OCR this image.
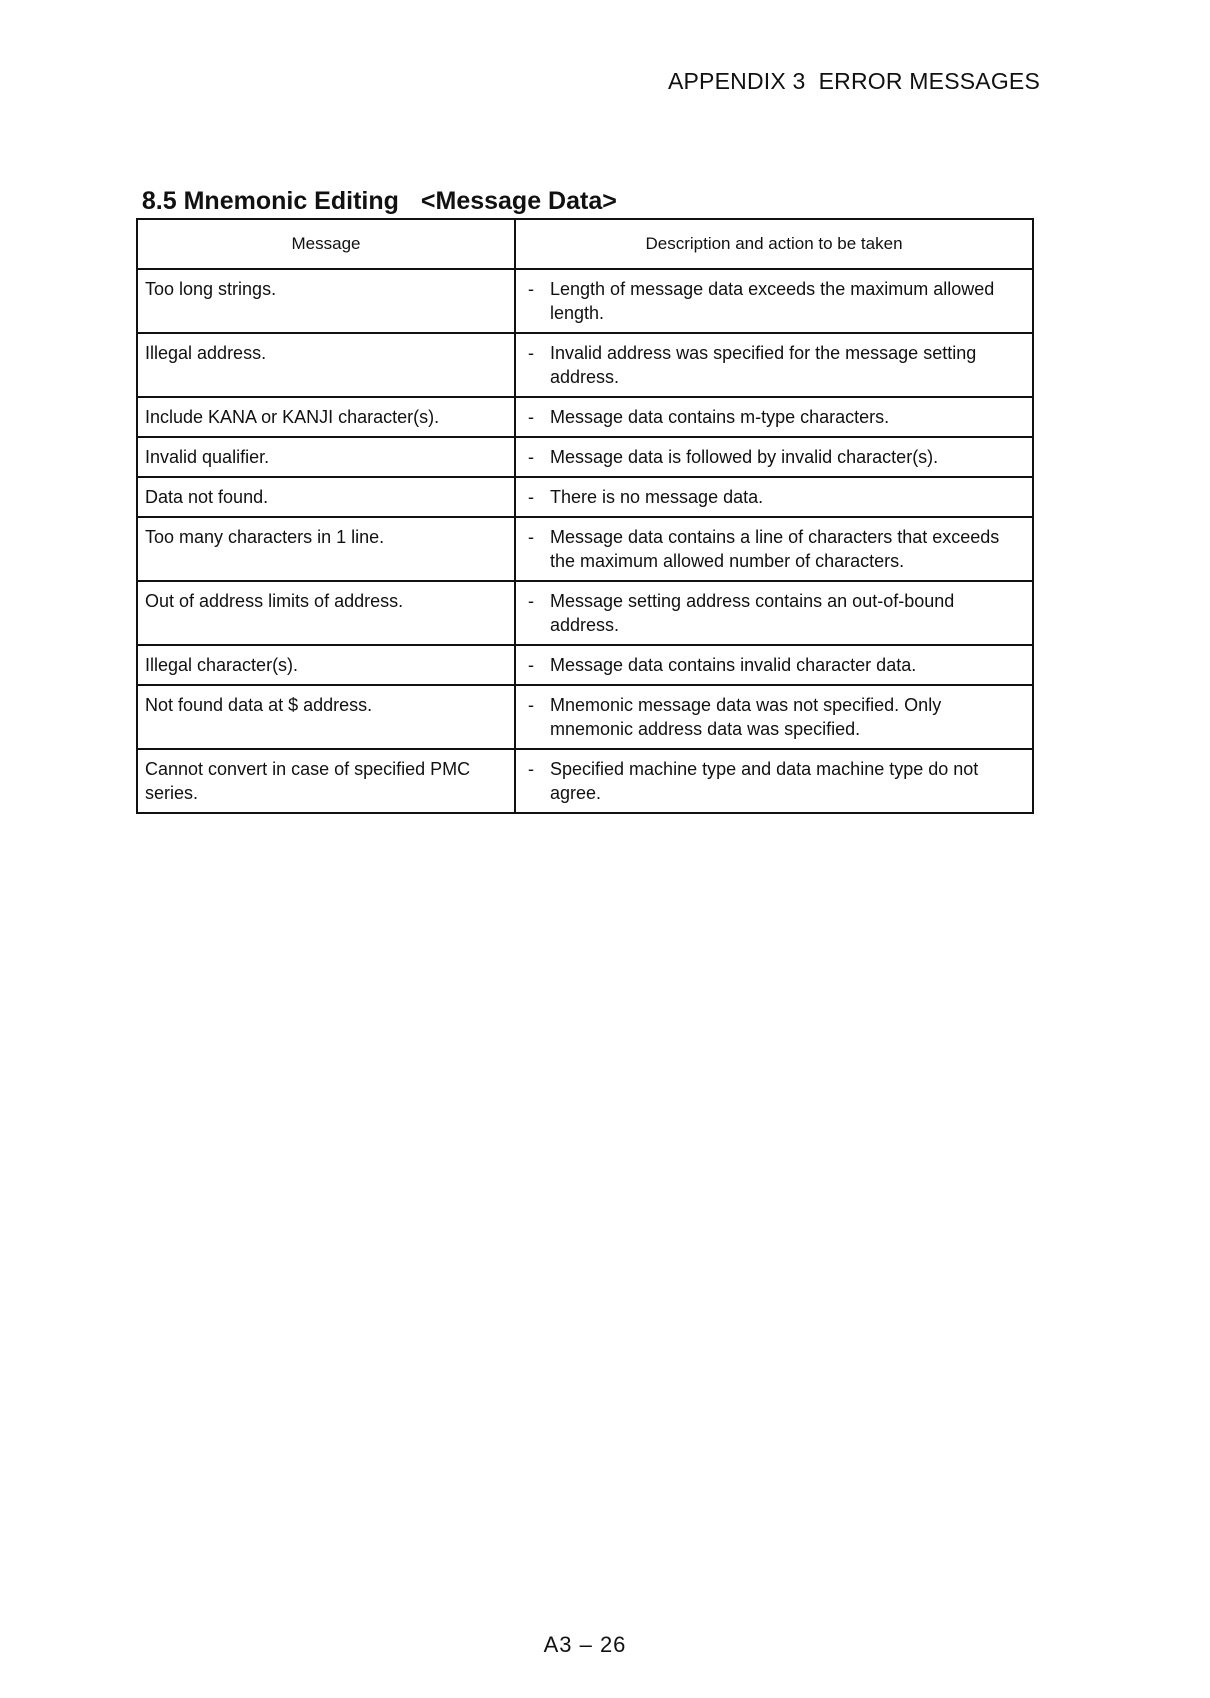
APPENDIX 3  ERROR MESSAGES

8.5 Mnemonic Editing <Message Data>

Message	Description and action to be taken
Too long strings.	- Length of message data exceeds the maximum allowed length.

Illegal address.	- Invalid address was specified for the message setting address.

Include KANA or KANJI character(s).	- Message data contains m-type characters.

Invalid qualifier.	- Message data is followed by invalid character(s).

Data not found.	- There is no message data.

Too many characters in 1 line.	- Message data contains a line of characters that exceeds the maximum allowed number of characters.

Out of address limits of address.	- Message setting address contains an out-of-bound address.

Illegal character(s).	- Message data contains invalid character data.

Not found data at $ address.	- Mnemonic message data was not specified. Only mnemonic address data was specified.

Cannot convert in case of specified PMC series.	- Specified machine type and data machine type do not agree.
A3 – 26
